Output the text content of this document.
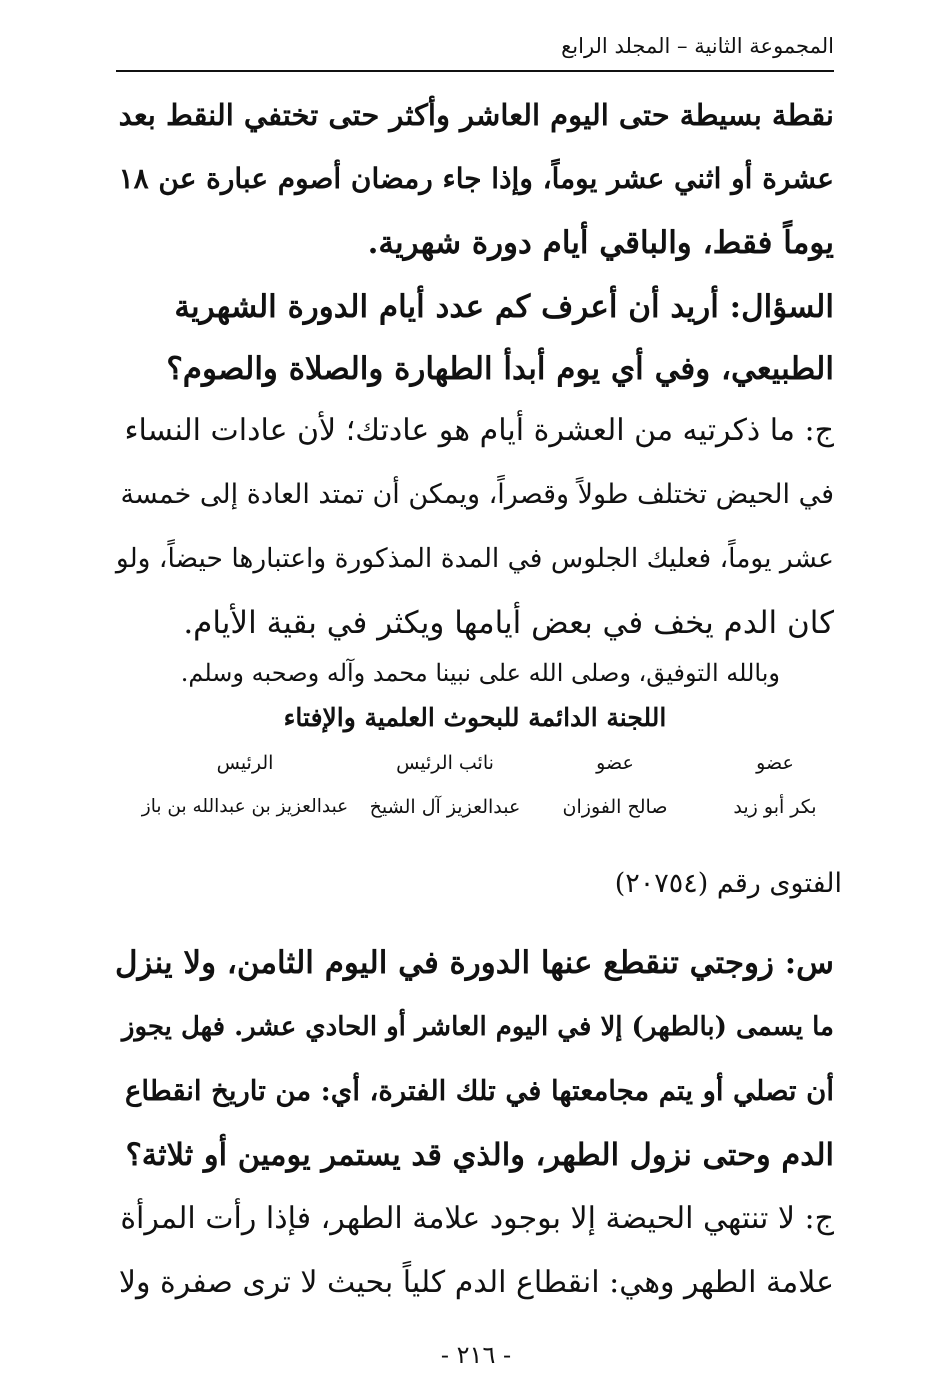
المجموعة الثانية – المجلد الرابع
نقطة بسيطة حتى اليوم العاشر وأكثر حتى تختفي النقط بعد
عشرة أو اثني عشر يوماً، وإذا جاء رمضان أصوم عبارة عن ١٨
يوماً فقط، والباقي أيام دورة شهرية.
السؤال: أريد أن أعرف كم عدد أيام الدورة الشهرية
الطبيعي، وفي أي يوم أبدأ الطهارة والصلاة والصوم؟
ج: ما ذكرتيه من العشرة أيام هو عادتك؛ لأن عادات النساء
في الحيض تختلف طولاً وقصراً، ويمكن أن تمتد العادة إلى خمسة
عشر يوماً، فعليك الجلوس في المدة المذكورة واعتبارها حيضاً، ولو
كان الدم يخف في بعض أيامها ويكثر في بقية الأيام.
وبالله التوفيق، وصلى الله على نبينا محمد وآله وصحبه وسلم.
اللجنة الدائمة للبحوث العلمية والإفتاء
عضو
عضو
نائب الرئيس
الرئيس
بكر أبو زيد
صالح الفوزان
عبدالعزيز آل الشيخ
عبدالعزيز بن عبدالله بن باز
الفتوى رقم (٢٠٧٥٤)
س: زوجتي تنقطع عنها الدورة في اليوم الثامن، ولا ينزل
ما يسمى (بالطهر) إلا في اليوم العاشر أو الحادي عشر. فهل يجوز
أن تصلي أو يتم مجامعتها في تلك الفترة، أي: من تاريخ انقطاع
الدم وحتى نزول الطهر، والذي قد يستمر يومين أو ثلاثة؟
ج: لا تنتهي الحيضة إلا بوجود علامة الطهر، فإذا رأت المرأة
علامة الطهر وهي: انقطاع الدم كلياً بحيث لا ترى صفرة ولا
- ٢١٦ -
